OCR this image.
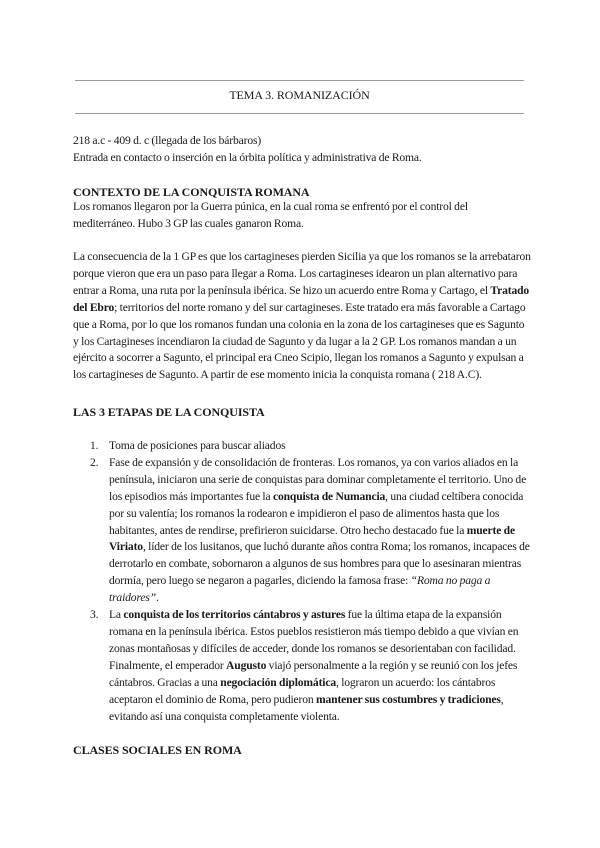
TEMA 3. ROMANIZACIÓN

218 a.c - 409 d. c (llegada de los bárbaros)

Entrada en contacto o inserción en la órbita política y administrativa de Roma.

CONTEXTO DE LA CONQUISTA ROMANA

Los romanos llegaron por la Guerra púnica, en la cual roma se enfrentó por el control del mediterráneo. Hubo 3 GP las cuales ganaron Roma.

La consecuencia de la 1 GP es que los cartagineses pierden Sicilia ya que los romanos se la arrebataron porque vieron que era un paso para llegar a Roma. Los cartagineses idearon un plan alternativo para entrar a Roma, una ruta por la península ibérica. Se hizo un acuerdo entre Roma y Cartago, el Tratado del Ebro; territorios del norte romano y del sur cartagineses. Este tratado era más favorable a Cartago que a Roma, por lo que los romanos fundan una colonia en la zona de los cartagineses que es Sagunto y los Cartagineses incendiaron la ciudad de Sagunto y da lugar a la 2 GP. Los romanos mandan a un ejército a socorrer a Sagunto, el principal era Cneo Scipio, llegan los romanos a Sagunto y expulsan a los cartagineses de Sagunto. A partir de ese momento inicia la conquista romana ( 218 A.C).

LAS 3 ETAPAS DE LA CONQUISTA
1. Toma de posiciones para buscar aliados
2. Fase de expansión y de consolidación de fronteras. Los romanos, ya con varios aliados en la península, iniciaron una serie de conquistas para dominar completamente el territorio. Uno de los episodios más importantes fue la conquista de Numancia, una ciudad celtíbera conocida por su valentía; los romanos la rodearon e impidieron el paso de alimentos hasta que los habitantes, antes de rendirse, prefirieron suicidarse. Otro hecho destacado fue la muerte de Viriato, líder de los lusitanos, que luchó durante años contra Roma; los romanos, incapaces de derrotarlo en combate, sobornaron a algunos de sus hombres para que lo asesinaran mientras dormía, pero luego se negaron a pagarles, diciendo la famosa frase: “Roma no paga a traidores”.
3. La conquista de los territorios cántabros y astures fue la última etapa de la expansión romana en la península ibérica. Estos pueblos resistieron más tiempo debido a que vivían en zonas montañosas y difíciles de acceder, donde los romanos se desorientaban con facilidad. Finalmente, el emperador Augusto viajó personalmente a la región y se reunió con los jefes cántabros. Gracias a una negociación diplomática, lograron un acuerdo: los cántabros aceptaron el dominio de Roma, pero pudieron mantener sus costumbres y tradiciones, evitando así una conquista completamente violenta.
CLASES SOCIALES EN ROMA
